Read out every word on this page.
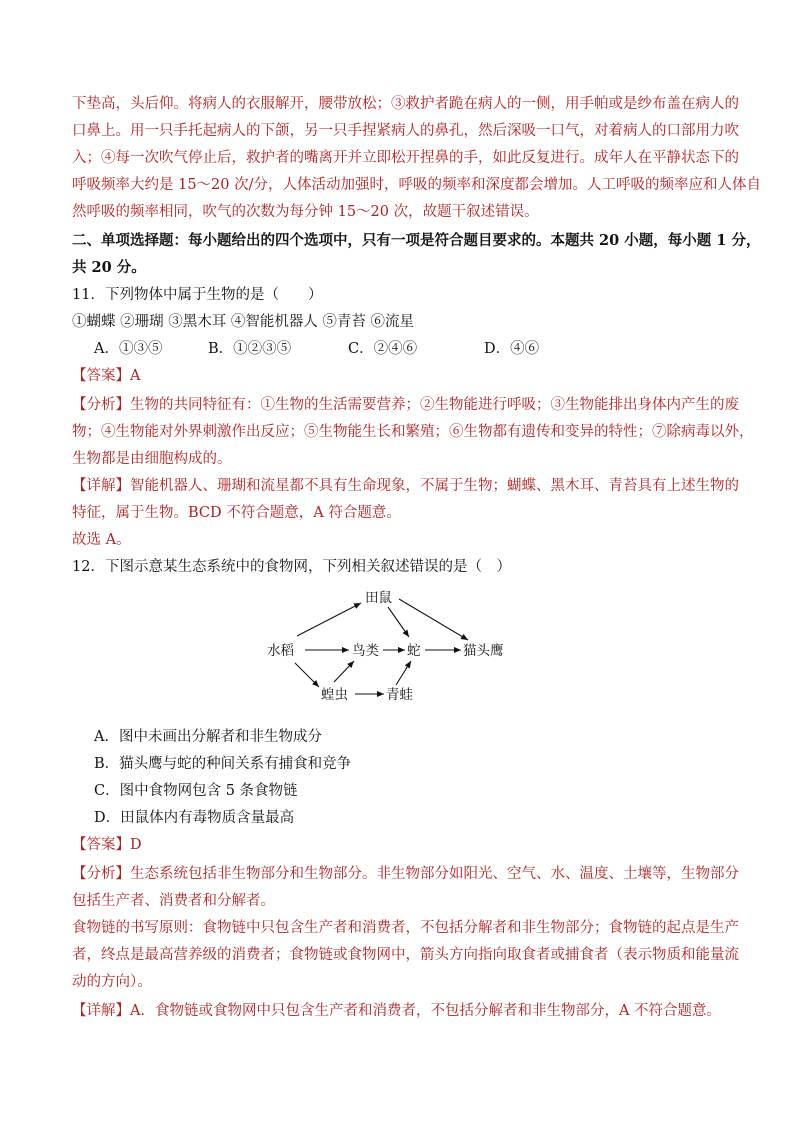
下垫高，头后仰。将病人的衣服解开，腰带放松；③救护者跪在病人的一侧，用手帕或是纱布盖在病人的
口鼻上。用一只手托起病人的下颌，另一只手捏紧病人的鼻孔，然后深吸一口气，对着病人的口部用力吹
入；④每一次吹气停止后，救护者的嘴离开并立即松开捏鼻的手，如此反复进行。成年人在平静状态下的
呼吸频率大约是 15～20 次/分，人体活动加强时，呼吸的频率和深度都会增加。人工呼吸的频率应和人体自
然呼吸的频率相同，吹气的次数为每分钟 15～20 次，故题干叙述错误。
二、单项选择题：每小题给出的四个选项中，只有一项是符合题目要求的。本题共 20 小题，每小题 1 分，
共 20 分。
11．下列物体中属于生物的是（　　）
①蝴蝶 ②珊瑚 ③黑木耳 ④智能机器人 ⑤青苔 ⑥流星
A．①③⑤	B．①②③⑤	C．②④⑥	D．④⑥
【答案】A
【分析】生物的共同特征有：①生物的生活需要营养；②生物能进行呼吸；③生物能排出身体内产生的废
物；④生物能对外界刺激作出反应；⑤生物能生长和繁殖；⑥生物都有遗传和变异的特性；⑦除病毒以外，
生物都是由细胞构成的。
【详解】智能机器人、珊瑚和流星都不具有生命现象，不属于生物；蝴蝶、黑木耳、青苔具有上述生物的
特征，属于生物。BCD 不符合题意，A 符合题意。
故选 A。
12．下图示意某生态系统中的食物网，下列相关叙述错误的是（　）
水稻
田鼠
鸟类 蛇	猫头鹰
蝗虫	青蛙
A．图中未画出分解者和非生物成分
B．猫头鹰与蛇的种间关系有捕食和竞争
C．图中食物网包含 5 条食物链
D．田鼠体内有毒物质含量最高
【答案】D
【分析】生态系统包括非生物部分和生物部分。非生物部分如阳光、空气、水、温度、土壤等，生物部分
包括生产者、消费者和分解者。
食物链的书写原则：食物链中只包含生产者和消费者，不包括分解者和非生物部分；食物链的起点是生产
者，终点是最高营养级的消费者；食物链或食物网中，箭头方向指向取食者或捕食者（表示物质和能量流
动的方向）。
【详解】A．食物链或食物网中只包含生产者和消费者，不包括分解者和非生物部分，A 不符合题意。
